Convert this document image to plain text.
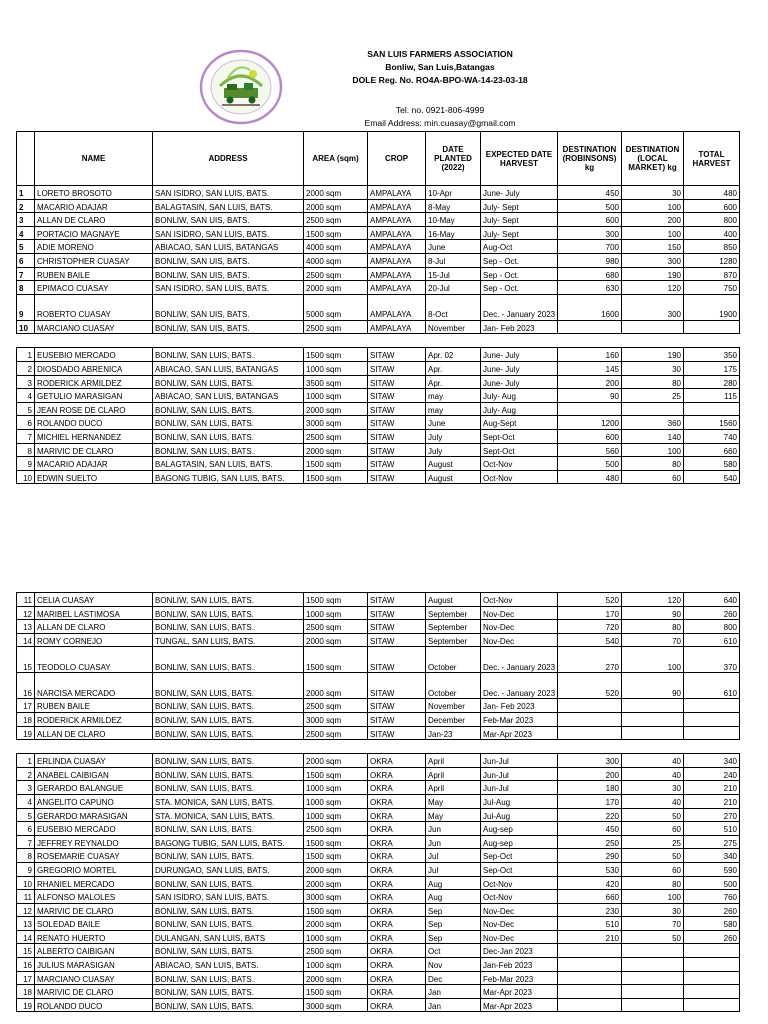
SAN LUIS FARMERS ASSOCIATION
Bonliw, San Luis,Batangas
DOLE Reg. No. RO4A-BPO-WA-14-23-03-18
Tel. no. 0921-806-4999
Email Address: min.cuasay@gmail.com
	NAME	ADDRESS	AREA (sqm)	CROP	DATE PLANTED (2022)	EXPECTED DATE HARVEST	DESTINATION (ROBINSONS) kg	DESTINATION (LOCAL MARKET) kg	TOTAL HARVEST
1	LORETO BROSOTO	SAN ISIDRO, SAN LUIS, BATS.	2000 sqm	AMPALAYA	10-Apr	June- July	450	30	480
2	MACARIO ADAJAR	BALAGTASIN, SAN LUIS, BATS.	2000 sqm	AMPALAYA	8-May	July- Sept	500	100	600
3	ALLAN DE CLARO	BONLIW, SAN UIS, BATS.	2500 sqm	AMPALAYA	10-May	July- Sept	600	200	800
4	PORTACIO MAGNAYE	SAN ISIDRO, SAN LUIS, BATS.	1500 sqm	AMPALAYA	16-May	July- Sept	300	100	400
5	ADIE MORENO	ABIACAO, SAN LUIS, BATANGAS	4000 sqm	AMPALAYA	June	Aug-Oct	700	150	850
6	CHRISTOPHER CUASAY	BONLIW, SAN UIS, BATS.	4000 sqm	AMPALAYA	8-Jul	Sep - Oct.	980	300	1280
7	RUBEN BAILE	BONLIW, SAN UIS, BATS.	2500 sqm	AMPALAYA	15-Jul	Sep - Oct.	680	190	870
8	EPIMACO CUASAY	SAN ISIDRO, SAN LUIS, BATS.	2000 sqm	AMPALAYA	20-Jul	Sep - Oct.	630	120	750
9	ROBERTO CUASAY	BONLIW, SAN UIS, BATS.	5000 sqm	AMPALAYA	8-Oct	Dec. - January 2023	1600	300	1900
10	MARCIANO CUASAY	BONLIW, SAN UIS, BATS.	2500 sqm	AMPALAYA	November	Jan- Feb 2023			

1	EUSEBIO MERCADO	BONLIW, SAN LUIS, BATS.	1500 sqm	SITAW	Apr. 02	June- July	160	190	350
2	DIOSDADO ABRENICA	ABIACAO, SAN LUIS, BATANGAS	1000 sqm	SITAW	Apr.	June- July	145	30	175
3	RODERICK ARMILDEZ	BONLIW, SAN LUIS, BATS.	3500 sqm	SITAW	Apr.	June- July	200	80	280
4	GETULIO MARASIGAN	ABIACAO, SAN LUIS, BATANGAS	1000 sqm	SITAW	may	July- Aug	90	25	115
5	JEAN ROSE DE CLARO	BONLIW, SAN LUIS, BATS.	2000 sqm	SITAW	may	July- Aug			
6	ROLANDO DUCO	BONLIW, SAN LUIS, BATS.	3000 sqm	SITAW	June	Aug-Sept	1200	360	1560
7	MICHIEL HERNANDEZ	BONLIW, SAN LUIS, BATS.	2500 sqm	SITAW	July	Sept-Oct	600	140	740
8	MARIVIC DE CLARO	BONLIW, SAN LUIS, BATS.	2000 sqm	SITAW	July	Sept-Oct	560	100	660
9	MACARIO ADAJAR	BALAGTASIN, SAN LUIS, BATS.	1500 sqm	SITAW	August	Oct-Nov	500	80	580
10	EDWIN SUELTO	BAGONG TUBIG, SAN LUIS, BATS.	1500 sqm	SITAW	August	Oct-Nov	480	60	540
11	CELIA CUASAY	BONLIW, SAN LUIS, BATS.	1500 sqm	SITAW	August	Oct-Nov	520	120	640
12	MARIBEL LASTIMOSA	BONLIW, SAN LUIS, BATS.	1000 sqm	SITAW	September	Nov-Dec	170	90	260
13	ALLAN DE CLARO	BONLIW, SAN LUIS, BATS.	2500 sqm	SITAW	September	Nov-Dec	720	80	800
14	ROMY CORNEJO	TUNGAL, SAN LUIS, BATS.	2000 sqm	SITAW	September	Nov-Dec	540	70	610
15	TEODOLO CUASAY	BONLIW, SAN LUIS, BATS.	1500 sqm	SITAW	October	Dec. - January 2023	270	100	370
16	NARCISA MERCADO	BONLIW, SAN LUIS, BATS.	2000 sqm	SITAW	October	Dec. - January 2023	520	90	610
17	RUBEN BAILE	BONLIW, SAN LUIS, BATS.	2500 sqm	SITAW	November	Jan- Feb 2023			
18	RODERICK ARMILDEZ	BONLIW, SAN LUIS, BATS.	3000 sqm	SITAW	December	Feb-Mar 2023			
19	ALLAN DE CLARO	BONLIW, SAN LUIS, BATS.	2500 sqm	SITAW	Jan-23	Mar-Apr 2023			

1	ERLINDA CUASAY	BONLIW, SAN LUIS, BATS.	2000 sqm	OKRA	April	Jun-Jul	300	40	340
2	ANABEL CAIBIGAN	BONLIW, SAN LUIS, BATS.	1500 sqm	OKRA	April	Jun-Jul	200	40	240
3	GERARDO BALANGUE	BONLIW, SAN LUIS, BATS.	1000 sqm	OKRA	April	Jun-Jul	180	30	210
4	ANGELITO CAPUNO	STA. MONICA, SAN LUIS, BATS.	1000 sqm	OKRA	May	Jul-Aug	170	40	210
5	GERARDO MARASIGAN	STA. MONICA, SAN LUIS, BATS.	1000 sqm	OKRA	May	Jul-Aug	220	50	270
6	EUSEBIO MERCADO	BONLIW, SAN LUIS, BATS.	2500 sqm	OKRA	Jun	Aug-sep	450	60	510
7	JEFFREY REYNALDO	BAGONG TUBIG, SAN LUIS, BATS.	1500 sqm	OKRA	Jun	Aug-sep	250	25	275
8	ROSEMARIE CUASAY	BONLIW, SAN LUIS, BATS.	1500 sqm	OKRA	Jul	Sep-Oct	290	50	340
9	GREGORIO MORTEL	DURUNGAO, SAN LUIS, BATS.	2000 sqm	OKRA	Jul	Sep-Oct	530	60	590
10	RHANIEL MERCADO	BONLIW, SAN LUIS, BATS.	2000 sqm	OKRA	Aug	Oct-Nov	420	80	500
11	ALFONSO MALOLES	SAN ISIDRO, SAN LUIS, BATS.	3000 sqm	OKRA	Aug	Oct-Nov	660	100	760
12	MARIVIC DE CLARO	BONLIW, SAN LUIS, BATS.	1500 sqm	OKRA	Sep	Nov-Dec	230	30	260
13	SOLEDAD BAILE	BONLIW, SAN LUIS, BATS.	2000 sqm	OKRA	Sep	Nov-Dec	510	70	580
14	RENATO HUERTO	DULANGAN, SAN LUIS, BATS	1000 sqm	OKRA	Sep	Nov-Dec	210	50	260
15	ALBERTO CAIBIGAN	BONLIW, SAN LUIS, BATS.	2500 sqm	OKRA	Oct	Dec-Jan 2023			
16	JULIUS MARASIGAN	ABIACAO, SAN LUIS, BATS.	1000 sqm	OKRA	Nov	Jan-Feb 2023			
17	MARCIANO CUASAY	BONLIW, SAN LUIS, BATS.	2000 sqm	OKRA	Dec	Feb-Mar 2023			
18	MARIVIC DE CLARO	BONLIW, SAN LUIS, BATS.	1500 sqm	OKRA	Jan	Mar-Apr 2023			
19	ROLANDO DUCO	BONLIW, SAN LUIS, BATS.	3000 sqm	OKRA	Jan	Mar-Apr 2023			
